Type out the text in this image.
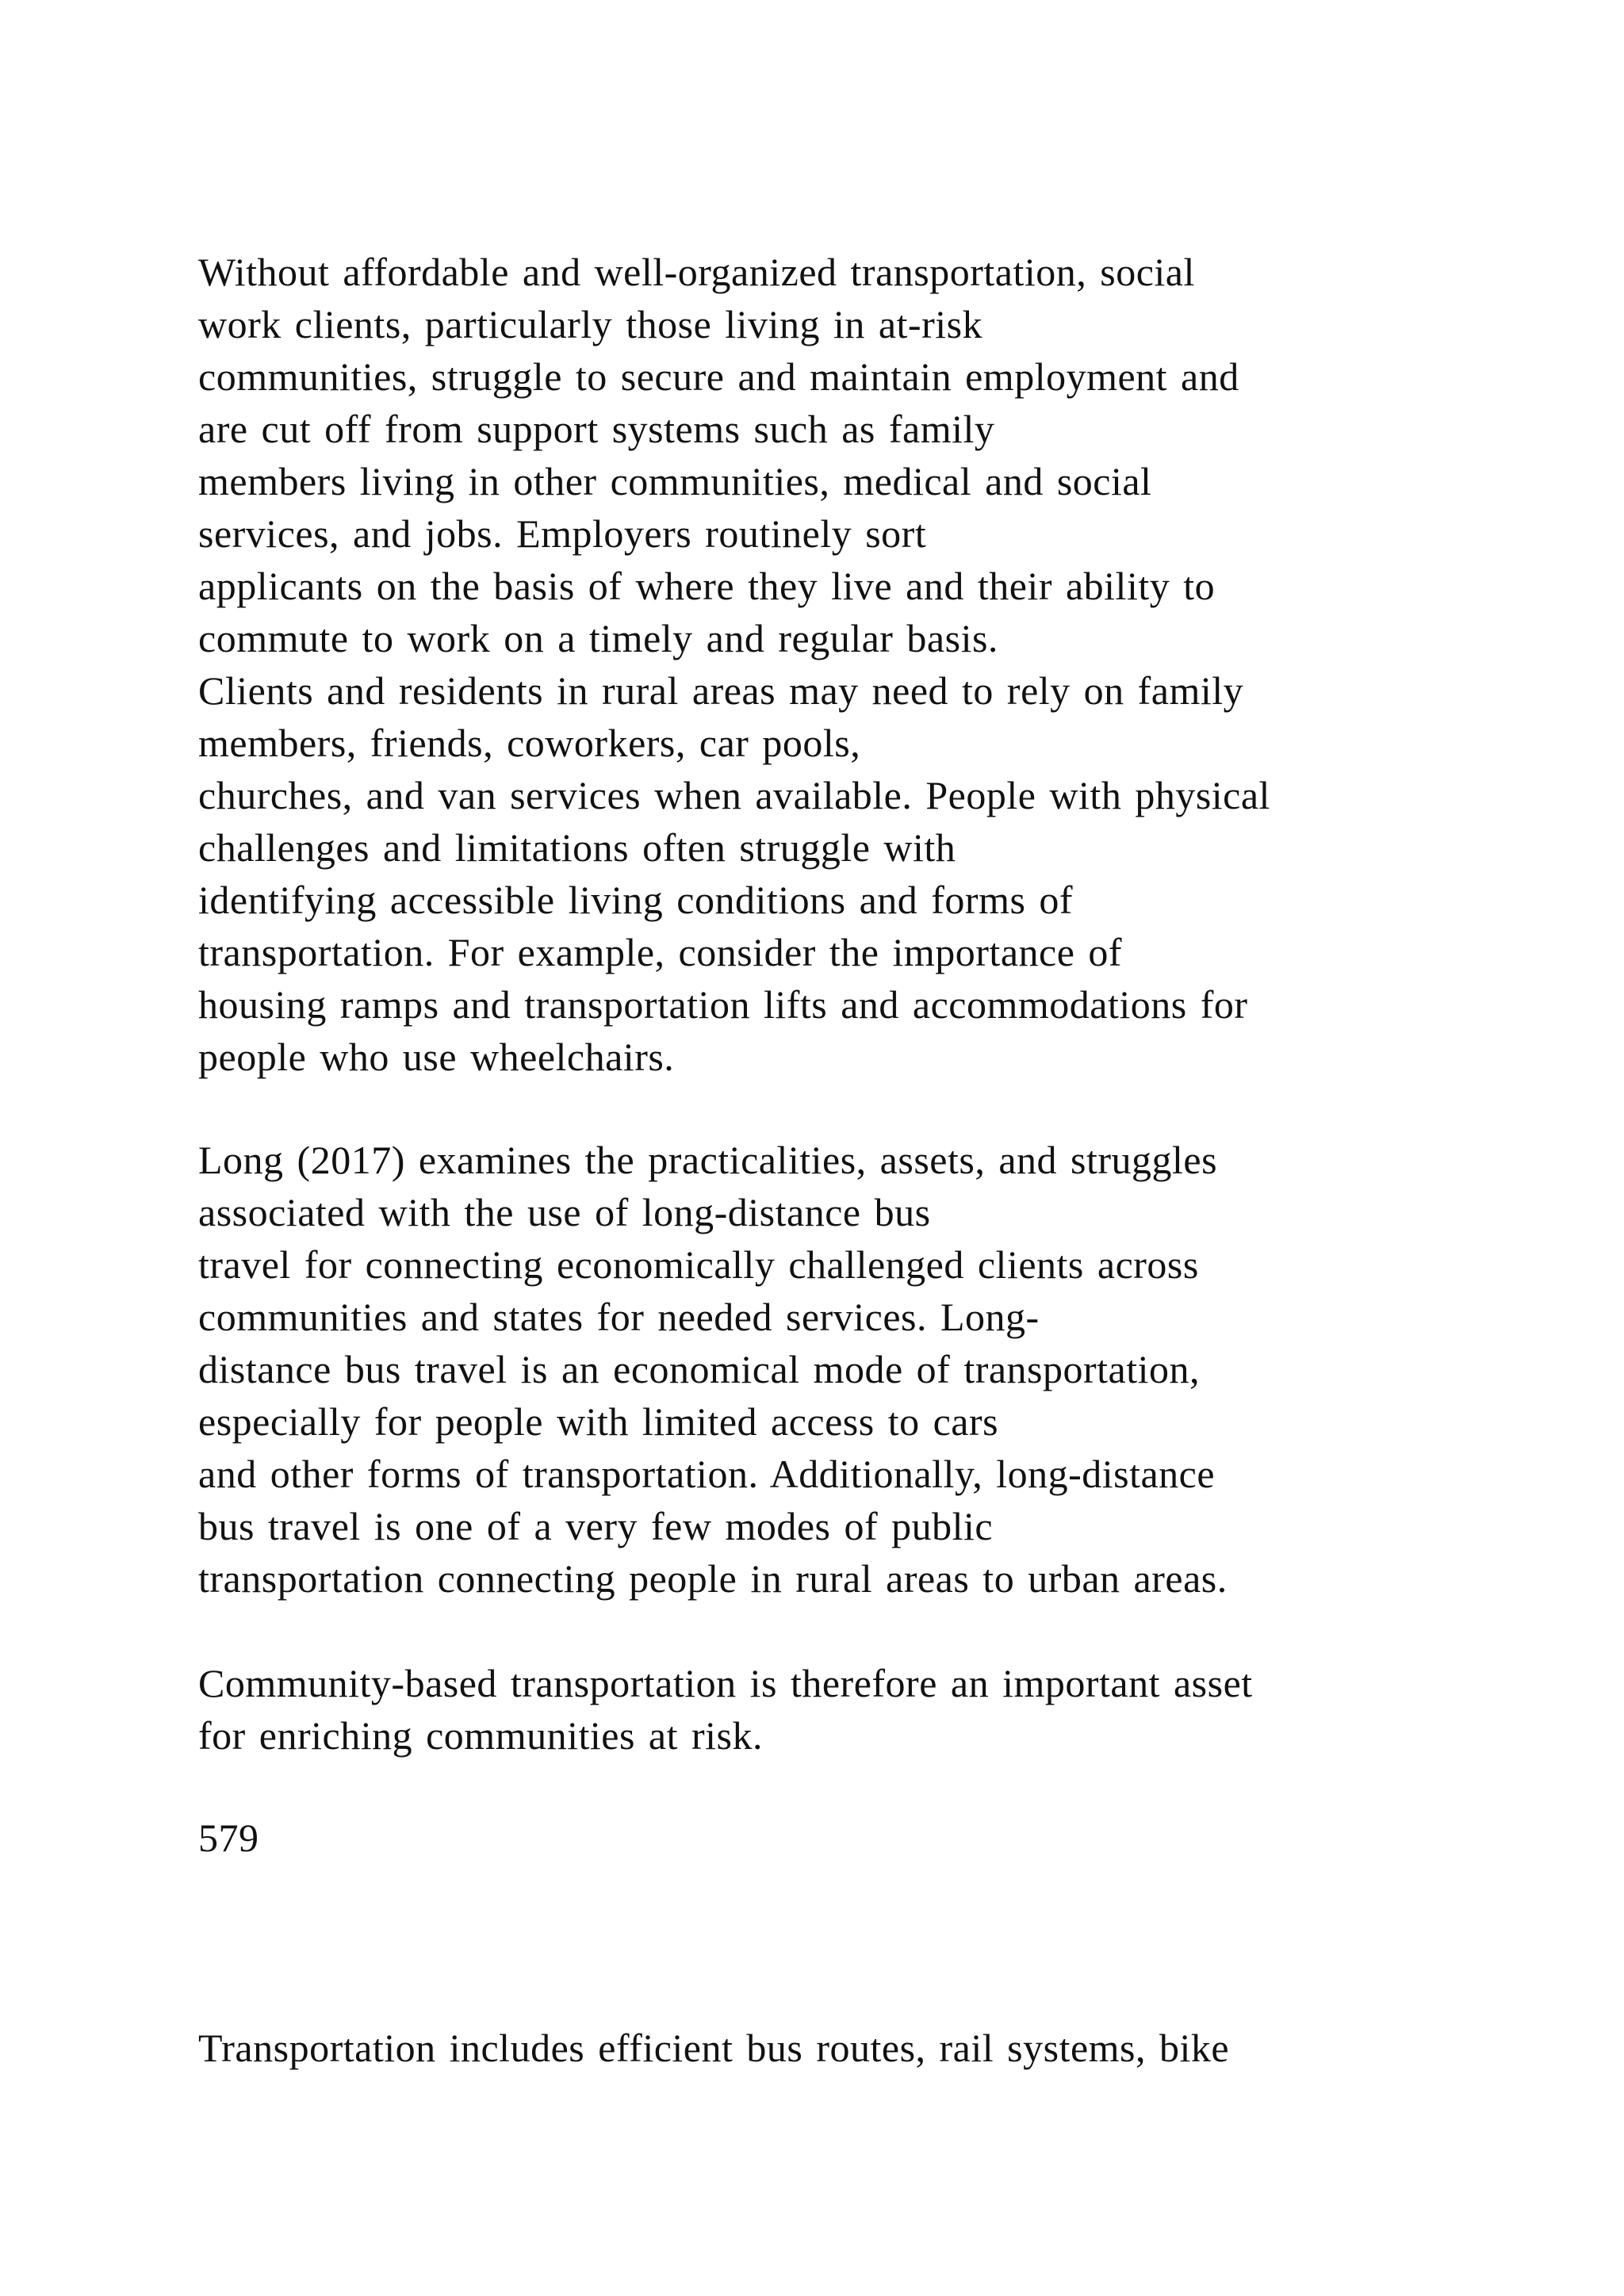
Without affordable and well-organized transportation, social
work clients, particularly those living in at-risk
communities, struggle to secure and maintain employment and
are cut off from support systems such as family
members living in other communities, medical and social
services, and jobs. Employers routinely sort
applicants on the basis of where they live and their ability to
commute to work on a timely and regular basis.
Clients and residents in rural areas may need to rely on family
members, friends, coworkers, car pools,
churches, and van services when available. People with physical
challenges and limitations often struggle with
identifying accessible living conditions and forms of
transportation. For example, consider the importance of
housing ramps and transportation lifts and accommodations for
people who use wheelchairs.
Long (2017) examines the practicalities, assets, and struggles
associated with the use of long-distance bus
travel for connecting economically challenged clients across
communities and states for needed services. Long-
distance bus travel is an economical mode of transportation,
especially for people with limited access to cars
and other forms of transportation. Additionally, long-distance
bus travel is one of a very few modes of public
transportation connecting people in rural areas to urban areas.
Community-based transportation is therefore an important asset
for enriching communities at risk.
579
Transportation includes efficient bus routes, rail systems, bike
